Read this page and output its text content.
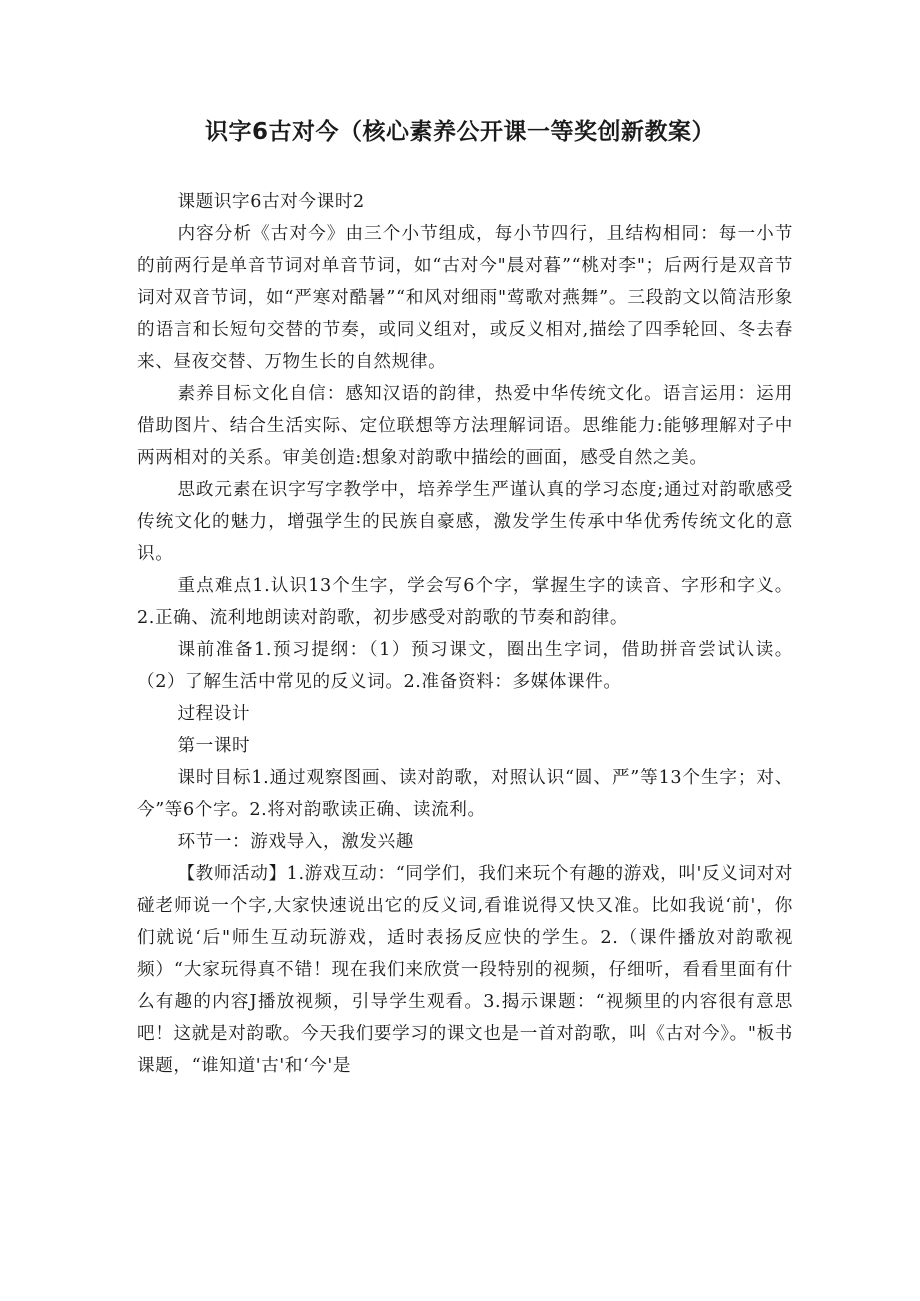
识字6古对今（核心素养公开课一等奖创新教案）

课题识字6古对今课时2

内容分析《古对今》由三个小节组成，每小节四行，且结构相同：每一小节的前两行是单音节词对单音节词，如“古对今"晨对暮”“桃对李"；后两行是双音节词对双音节词，如“严寒对酷暑”“和风对细雨"莺歌对燕舞”。三段韵文以简洁形象的语言和长短句交替的节奏，或同义组对，或反义相对,描绘了四季轮回、冬去春来、昼夜交替、万物生长的自然规律。

素养目标文化自信：感知汉语的韵律，热爱中华传统文化。语言运用：运用借助图片、结合生活实际、定位联想等方法理解词语。思维能力:能够理解对子中两两相对的关系。审美创造:想象对韵歌中描绘的画面，感受自然之美。

思政元素在识字写字教学中，培养学生严谨认真的学习态度;通过对韵歌感受传统文化的魅力，增强学生的民族自豪感，激发学生传承中华优秀传统文化的意识。

重点难点1.认识13个生字，学会写6个字，掌握生字的读音、字形和字义。2.正确、流利地朗读对韵歌，初步感受对韵歌的节奏和韵律。

课前准备1.预习提纲：（1）预习课文，圈出生字词，借助拼音尝试认读。（2）了解生活中常见的反义词。2.准备资料：多媒体课件。

过程设计

第一课时

课时目标1.通过观察图画、读对韵歌，对照认识“圆、严”等13个生字；对、今”等6个字。2.将对韵歌读正确、读流利。

环节一：游戏导入，激发兴趣

【教师活动】1.游戏互动：“同学们，我们来玩个有趣的游戏，叫'反义词对对碰老师说一个字,大家快速说出它的反义词,看谁说得又快又准。比如我说‘前'，你们就说‘后"师生互动玩游戏，适时表扬反应快的学生。2.（课件播放对韵歌视频）“大家玩得真不错！现在我们来欣赏一段特别的视频，仔细听，看看里面有什么有趣的内容J播放视频，引导学生观看。3.揭示课题：“视频里的内容很有意思吧！这就是对韵歌。今天我们要学习的课文也是一首对韵歌，叫《古对今》。"板书课题，“谁知道'古'和‘今'是
